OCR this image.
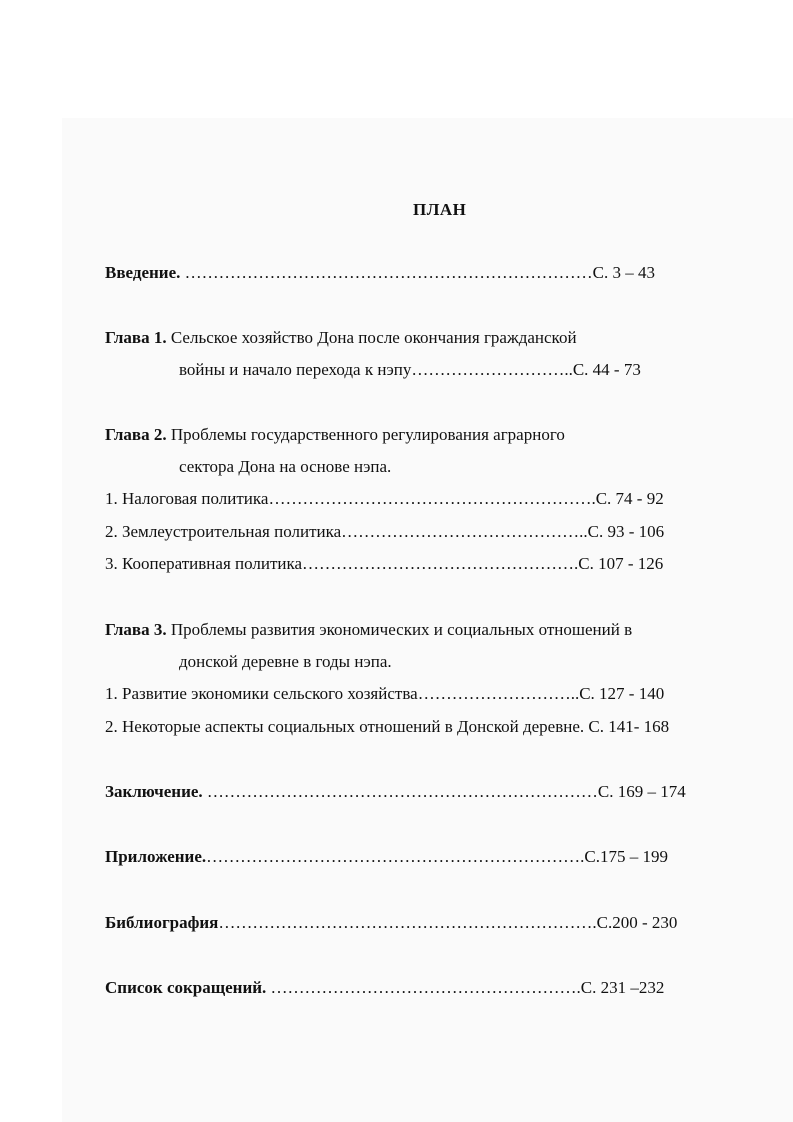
ПЛАН
Введение. ………………………………………………………………С. 3 – 43
Глава 1. Сельское хозяйство Дона после окончания гражданской
войны и начало перехода к нэпу………………………..С. 44 - 73
Глава 2. Проблемы государственного регулирования аграрного
сектора Дона на основе нэпа.
1. Налоговая политика………………………………………………….С. 74 - 92
2. Землеустроительная политика……………………………………..С. 93 - 106
3. Кооперативная политика………………………………………….С. 107 - 126
Глава 3. Проблемы развития экономических и социальных отношений в
донской деревне в годы нэпа.
1. Развитие экономики сельского хозяйства………………………..С. 127 - 140
2. Некоторые аспекты социальных отношений в Донской деревне. С. 141- 168
Заключение. ……………………………………………………………С. 169 – 174
Приложение.………………………………………………………….С.175 – 199
Библиография………………………………………………………….С.200 - 230
Список сокращений. ……………………………………………….С. 231 –232
